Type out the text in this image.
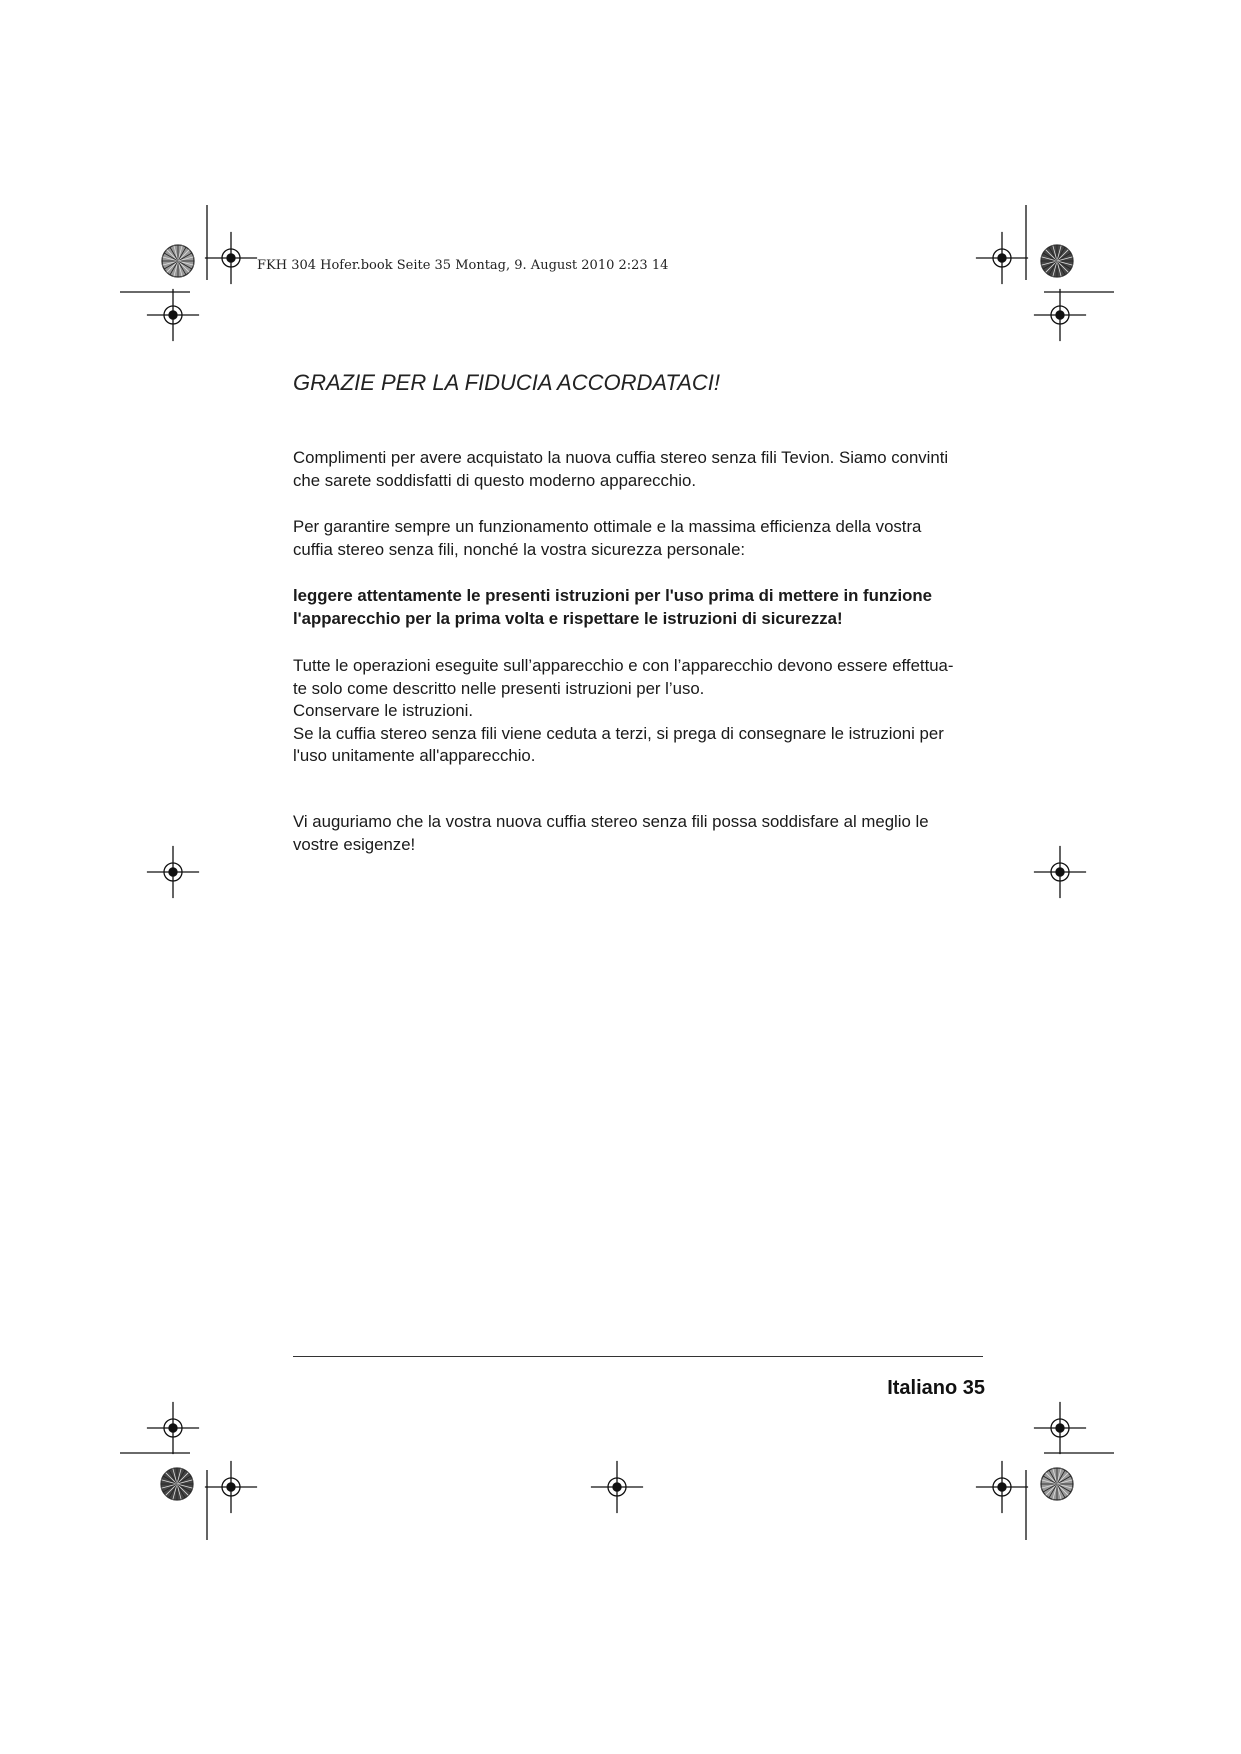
FKH 304 Hofer.book Seite 35 Montag, 9. August 2010 2:23 14
GRAZIE PER LA FIDUCIA ACCORDATACI!

Complimenti per avere acquistato la nuova cuffia stereo senza fili Tevion. Siamo convinti

che sarete soddisfatti di questo moderno apparecchio.

Per garantire sempre un funzionamento ottimale e la massima efficienza della vostra

cuffia stereo senza fili, nonché la vostra sicurezza personale:

leggere attentamente le presenti istruzioni per l'uso prima di mettere in funzione

l'apparecchio per la prima volta e rispettare le istruzioni di sicurezza!

Tutte le operazioni eseguite sull’apparecchio e con l’apparecchio devono essere effettua-

te solo come descritto nelle presenti istruzioni per l’uso.

Conservare le istruzioni.

Se la cuffia stereo senza fili viene ceduta a terzi, si prega di consegnare le istruzioni per

l'uso unitamente all'apparecchio.

Vi auguriamo che la vostra nuova cuffia stereo senza fili possa soddisfare al meglio le

vostre esigenze!

Italiano 35
